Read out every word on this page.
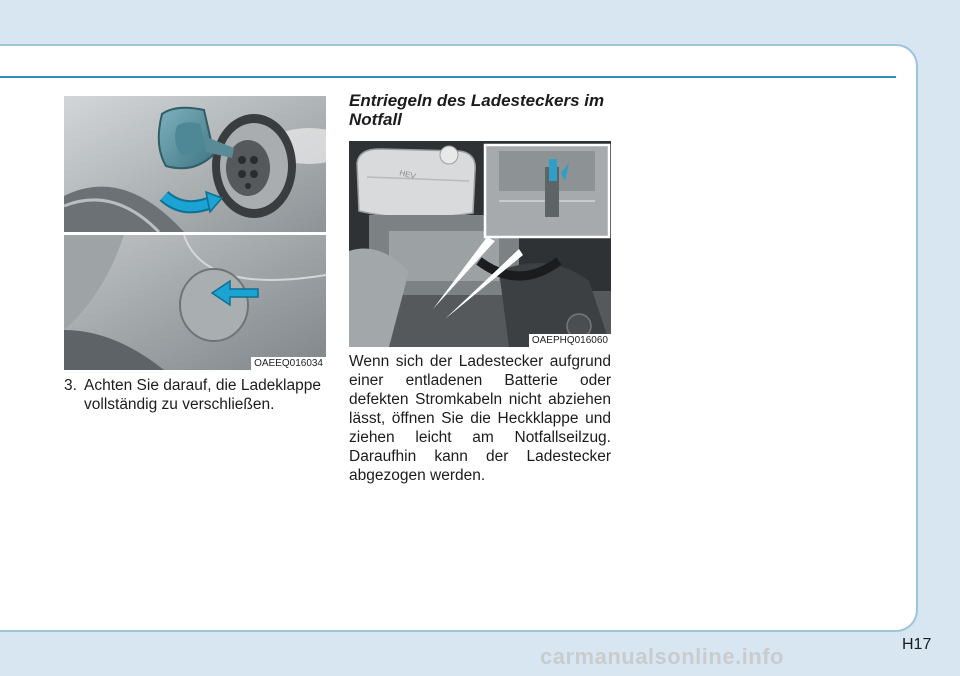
OAEEQ016034
3. Achten Sie darauf, die Ladeklappe
vollständig zu verschließen.
Entriegeln des Ladesteckers im Notfall
HEV
OAEPHQ016060
Wenn sich der Ladestecker aufgrund einer entladenen Batterie oder defekten Stromkabeln nicht abziehen lässt, öffnen Sie die Heckklappe und ziehen leicht am Notfallseilzug. Daraufhin kann der Ladestecker abgezogen werden.
H17
carmanualsonline.info
